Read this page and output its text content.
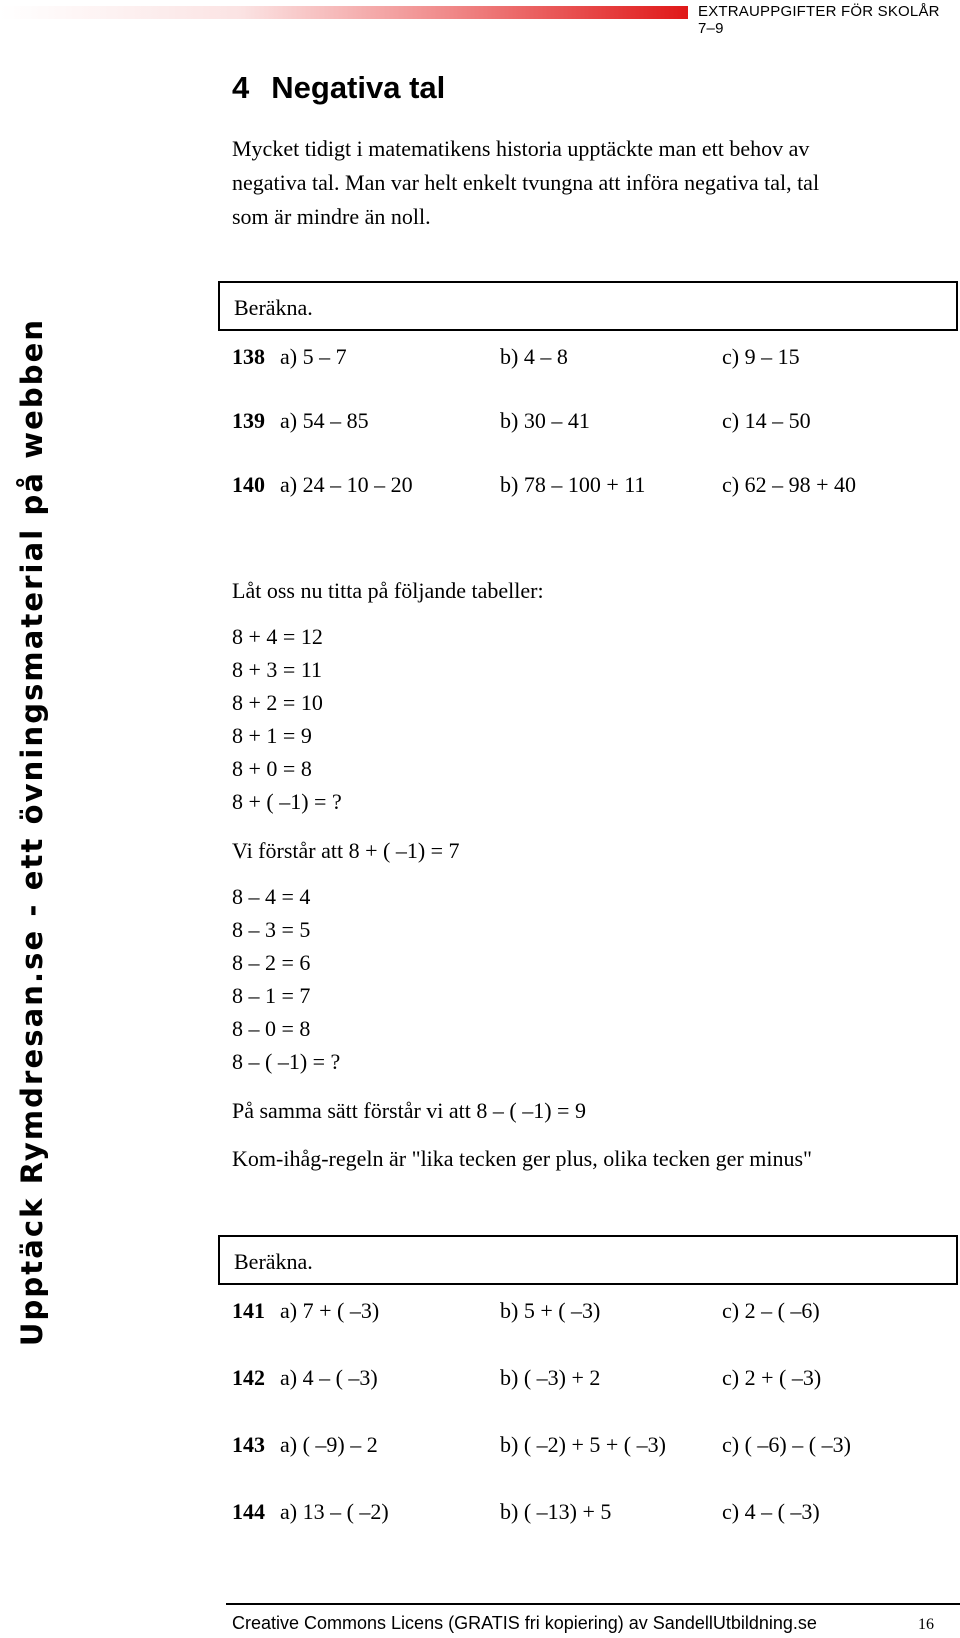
EXTRAUPPGIFTER FÖR SKOLÅR 7–9
Upptäck Rymdresan.se - ett övningsmaterial på webben
4 Negativa tal
Mycket tidigt i matematikens historia upptäckte man ett behov av
negativa tal. Man var helt enkelt tvungna att införa negativa tal, tal
som är mindre än noll.
Beräkna.
138 a) 5 – 7	b) 4 – 8	c) 9 – 15
139 a) 54 – 85	b) 30 – 41	c) 14 – 50
140 a) 24 – 10 – 20	b) 78 – 100 + 11	c) 62 – 98 + 40
Låt oss nu titta på följande tabeller:
8 + 4 = 12
8 + 3 = 11
8 + 2 = 10
8 + 1 = 9
8 + 0 = 8
8 + ( –1) = ?
Vi förstår att 8 + ( –1) = 7
8 – 4 = 4
8 – 3 = 5
8 – 2 = 6
8 – 1 = 7
8 – 0 = 8
8 – ( –1) = ?
På samma sätt förstår vi att 8 – ( –1) = 9
Kom-ihåg-regeln är "lika tecken ger plus, olika tecken ger minus"
Beräkna.
141 a) 7 + ( –3)	b) 5 + ( –3)	c) 2 – ( –6)
142 a) 4 – ( –3)	b) ( –3) + 2	c) 2 + ( –3)
143 a) ( –9) – 2	b) ( –2) + 5 + ( –3)	c) ( –6) – ( –3)
144 a) 13 – ( –2)	b) ( –13) + 5	c) 4 – ( –3)
Creative Commons Licens (GRATIS fri kopiering) av SandellUtbildning.se	16
